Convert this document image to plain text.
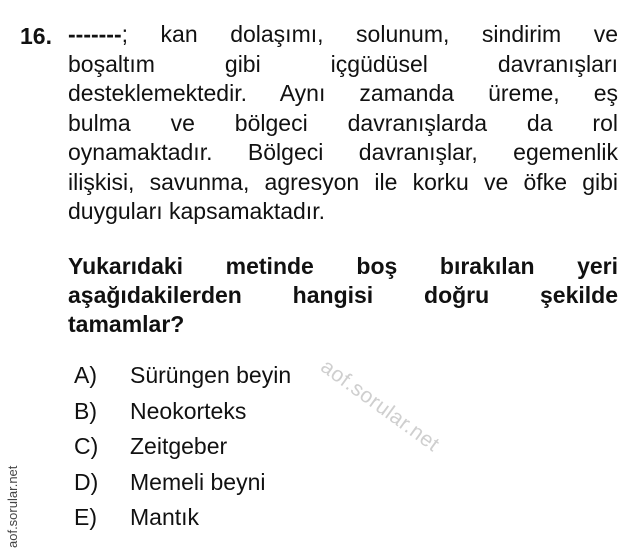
16. -------; kan dolaşımı, solunum, sindirim ve
boşaltım gibi içgüdüsel davranışları
desteklemektedir. Aynı zamanda üreme, eş
bulma ve bölgeci davranışlarda da rol
oynamaktadır. Bölgeci davranışlar, egemenlik
ilişkisi, savunma, agresyon ile korku ve öfke gibi
duyguları kapsamaktadır.
Yukarıdaki metinde boş bırakılan yeri
aşağıdakilerden hangisi doğru şekilde
tamamlar?
A)	Sürüngen beyin
B)	Neokorteks
C)	Zeitgeber
D)	Memeli beyni
E)	Mantık
aof.sorular.net
aof.sorular.net
